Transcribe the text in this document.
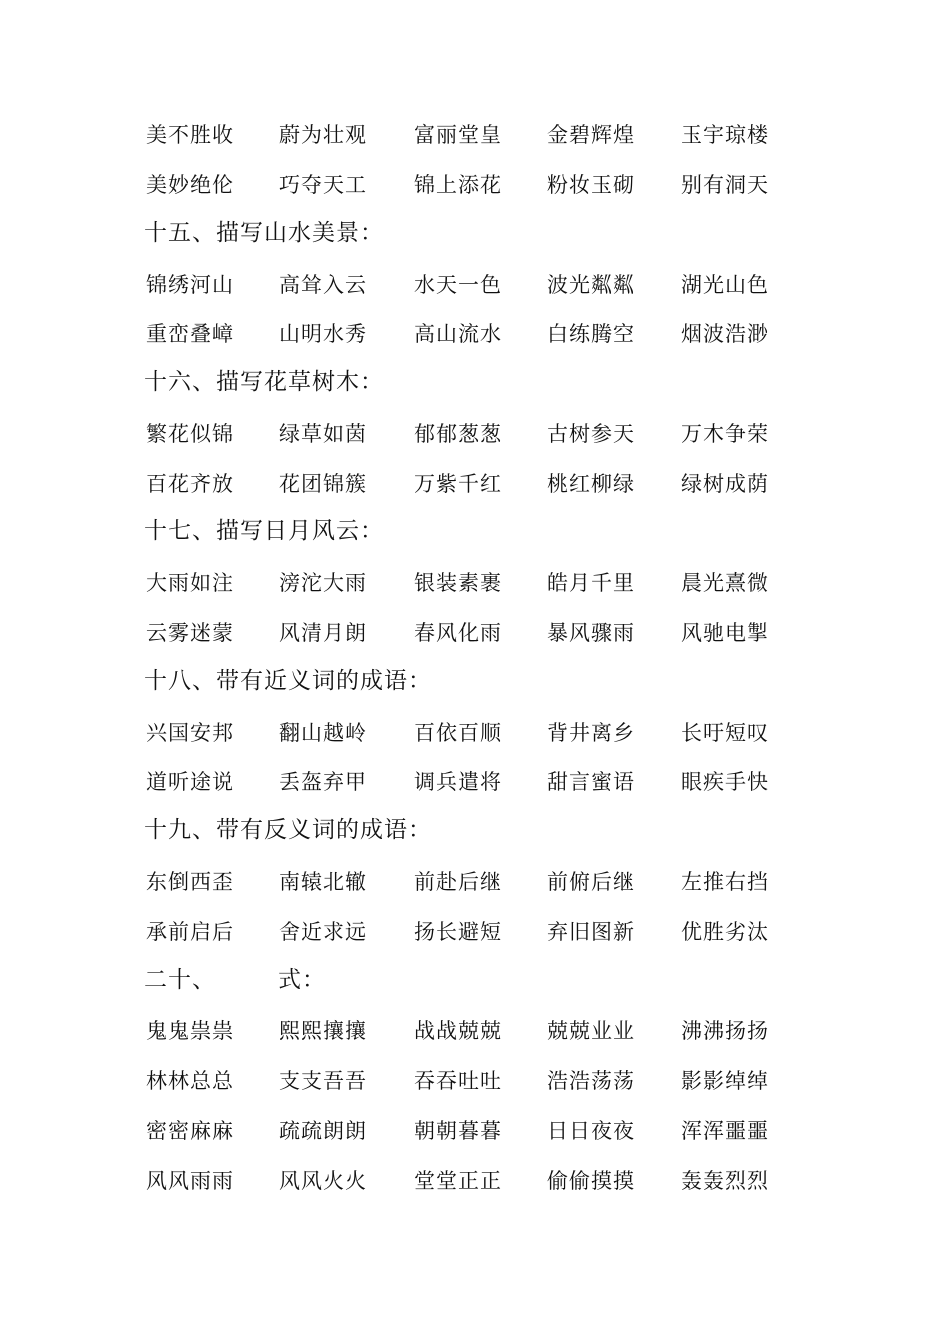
美不胜收 蔚为壮观 富丽堂皇 金碧辉煌 玉宇琼楼
美妙绝伦 巧夺天工 锦上添花 粉妆玉砌 别有洞天
十五、描写山水美景：
锦绣河山 高耸入云 水天一色 波光粼粼 湖光山色
重峦叠嶂 山明水秀 高山流水 白练腾空 烟波浩渺
十六、描写花草树木：
繁花似锦 绿草如茵 郁郁葱葱 古树参天 万木争荣
百花齐放 花团锦簇 万紫千红 桃红柳绿 绿树成荫
十七、描写日月风云：
大雨如注 滂沱大雨 银装素裹 皓月千里 晨光熹微
云雾迷蒙 风清月朗 春风化雨 暴风骤雨 风驰电掣
十八、带有近义词的成语：
兴国安邦 翻山越岭 百依百顺 背井离乡 长吁短叹
道听途说 丢盔弃甲 调兵遣将 甜言蜜语 眼疾手快
十九、带有反义词的成语：
东倒西歪 南辕北辙 前赴后继 前俯后继 左推右挡
承前启后 舍近求远 扬长避短 弃旧图新 优胜劣汰
二十、	式：
鬼鬼祟祟 熙熙攘攘 战战兢兢 兢兢业业 沸沸扬扬
林林总总 支支吾吾 吞吞吐吐 浩浩荡荡 影影绰绰
密密麻麻 疏疏朗朗 朝朝暮暮 日日夜夜 浑浑噩噩
风风雨雨 风风火火 堂堂正正 偷偷摸摸 轰轰烈烈
